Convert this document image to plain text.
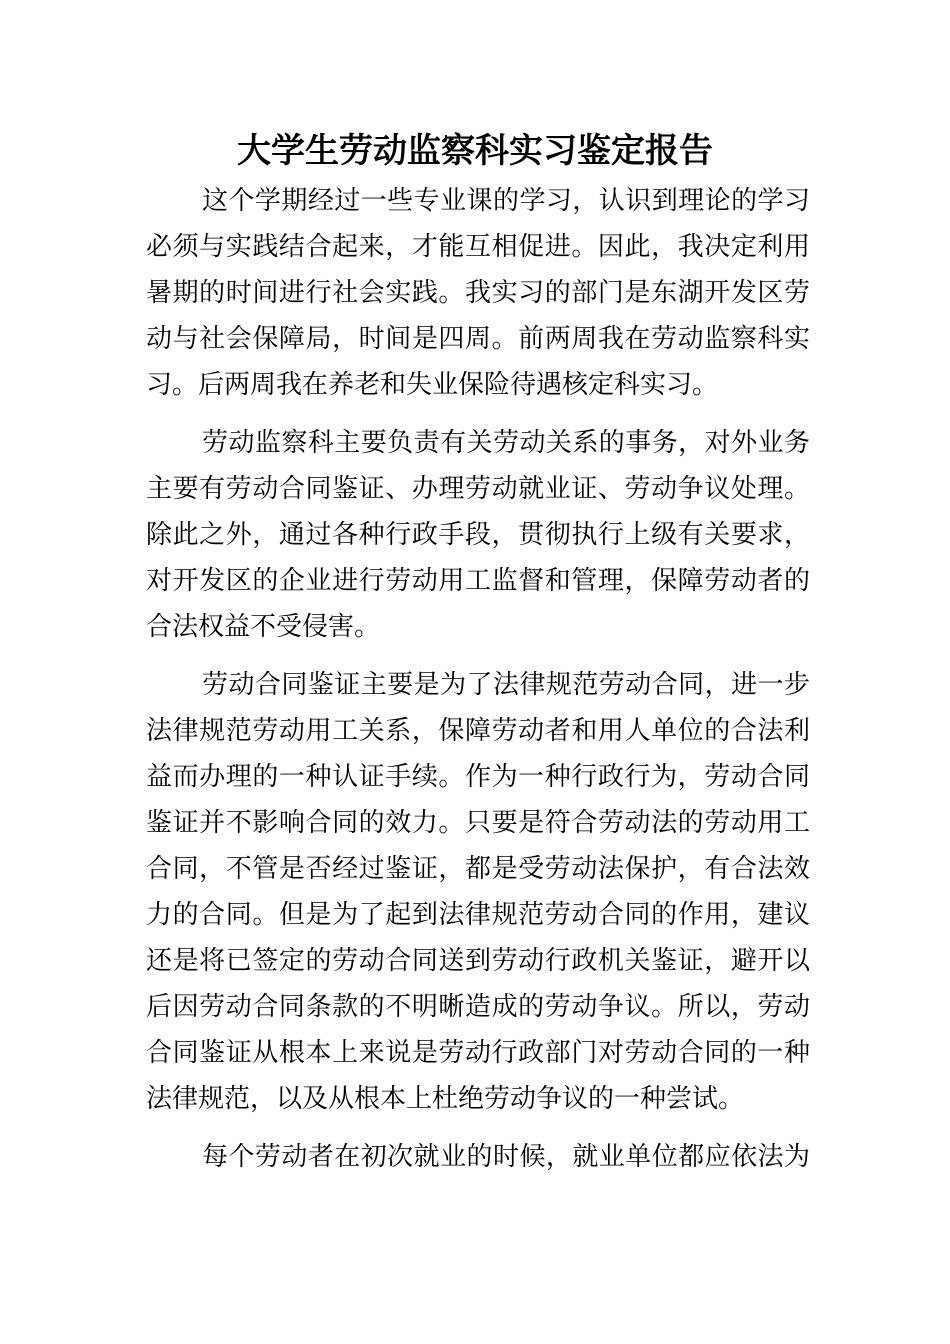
大学生劳动监察科实习鉴定报告
这个学期经过一些专业课的学习，认识到理论的学习
必须与实践结合起来，才能互相促进。因此，我决定利用
暑期的时间进行社会实践。我实习的部门是东湖开发区劳
动与社会保障局，时间是四周。前两周我在劳动监察科实
习。后两周我在养老和失业保险待遇核定科实习。
劳动监察科主要负责有关劳动关系的事务，对外业务
主要有劳动合同鉴证、办理劳动就业证、劳动争议处理。
除此之外，通过各种行政手段，贯彻执行上级有关要求，
对开发区的企业进行劳动用工监督和管理，保障劳动者的
合法权益不受侵害。
劳动合同鉴证主要是为了法律规范劳动合同，进一步
法律规范劳动用工关系，保障劳动者和用人单位的合法利
益而办理的一种认证手续。作为一种行政行为，劳动合同
鉴证并不影响合同的效力。只要是符合劳动法的劳动用工
合同，不管是否经过鉴证，都是受劳动法保护，有合法效
力的合同。但是为了起到法律规范劳动合同的作用，建议
还是将已签定的劳动合同送到劳动行政机关鉴证，避开以
后因劳动合同条款的不明晰造成的劳动争议。所以，劳动
合同鉴证从根本上来说是劳动行政部门对劳动合同的一种
法律规范，以及从根本上杜绝劳动争议的一种尝试。
每个劳动者在初次就业的时候，就业单位都应依法为
